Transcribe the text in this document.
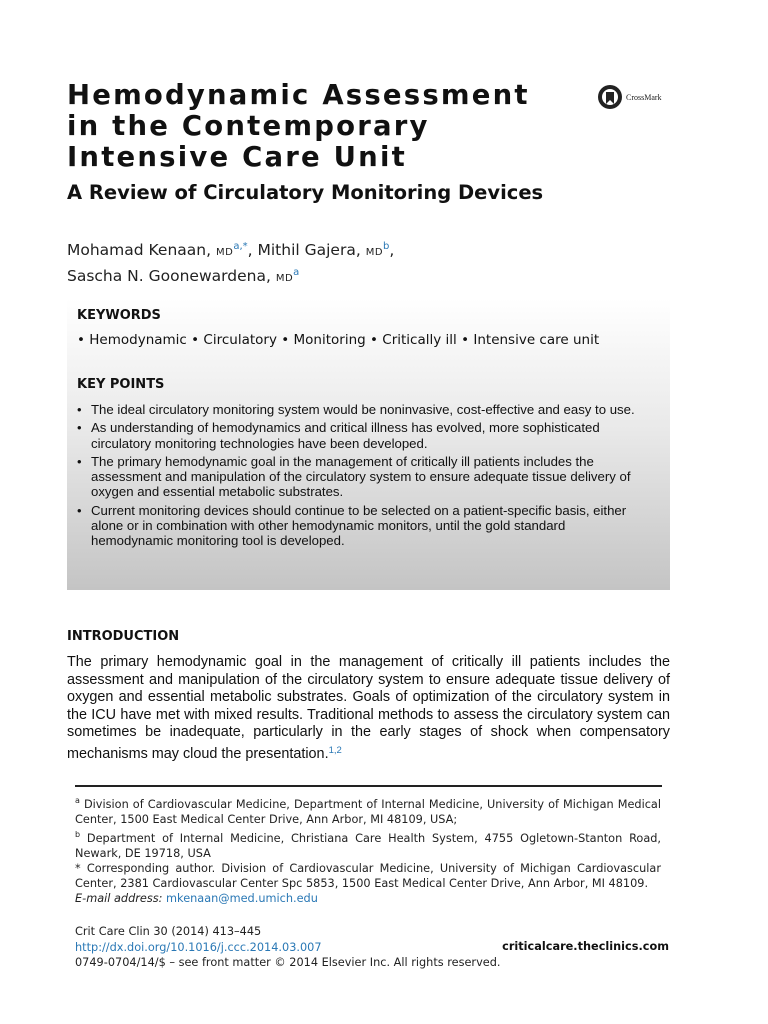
Hemodynamic Assessment
in the Contemporary
Intensive Care Unit
A Review of Circulatory Monitoring Devices
CrossMark
Mohamad Kenaan, $MD^{a,*}$, Mithil Gajera, $MD^b$,
Sascha N. Goonewardena, $MD^a$
KEYWORDS
• Hemodynamic • Circulatory • Monitoring • Critically ill • Intensive care unit
KEY POINTS
• The ideal circulatory monitoring system would be noninvasive, cost-effective and easy to use.
• As understanding of hemodynamics and critical illness has evolved, more sophisticated circulatory monitoring technologies have been developed.
• The primary hemodynamic goal in the management of critically ill patients includes the assessment and manipulation of the circulatory system to ensure adequate tissue delivery of oxygen and essential metabolic substrates.
• Current monitoring devices should continue to be selected on a patient-specific basis, either alone or in combination with other hemodynamic monitors, until the gold standard hemodynamic monitoring tool is developed.
INTRODUCTION

The primary hemodynamic goal in the management of critically ill patients includes the assessment and manipulation of the circulatory system to ensure adequate tissue delivery of oxygen and essential metabolic substrates. Goals of optimization of the circulatory system in the ICU have met with mixed results. Traditional methods to assess the circulatory system can sometimes be inadequate, particularly in the early stages of shock when compensatory mechanisms may cloud the presentation.$^{1,2}$

$^a$ Division of Cardiovascular Medicine, Department of Internal Medicine, University of Michigan Medical Center, 1500 East Medical Center Drive, Ann Arbor, MI 48109, USA;

$^b$ Department of Internal Medicine, Christiana Care Health System, 4755 Ogletown-Stanton Road, Newark, DE 19718, USA

* Corresponding author. Division of Cardiovascular Medicine, University of Michigan Cardiovascular Center, 2381 Cardiovascular Center Spc 5853, 1500 East Medical Center Drive, Ann Arbor, MI 48109.

E-mail address: mkenaan@med.umich.edu

Crit Care Clin 30 (2014) 413–445
http://dx.doi.org/10.1016/j.ccc.2014.03.007
0749-0704/14/$ – see front matter © 2014 Elsevier Inc. All rights reserved.
criticalcare.theclinics.com
